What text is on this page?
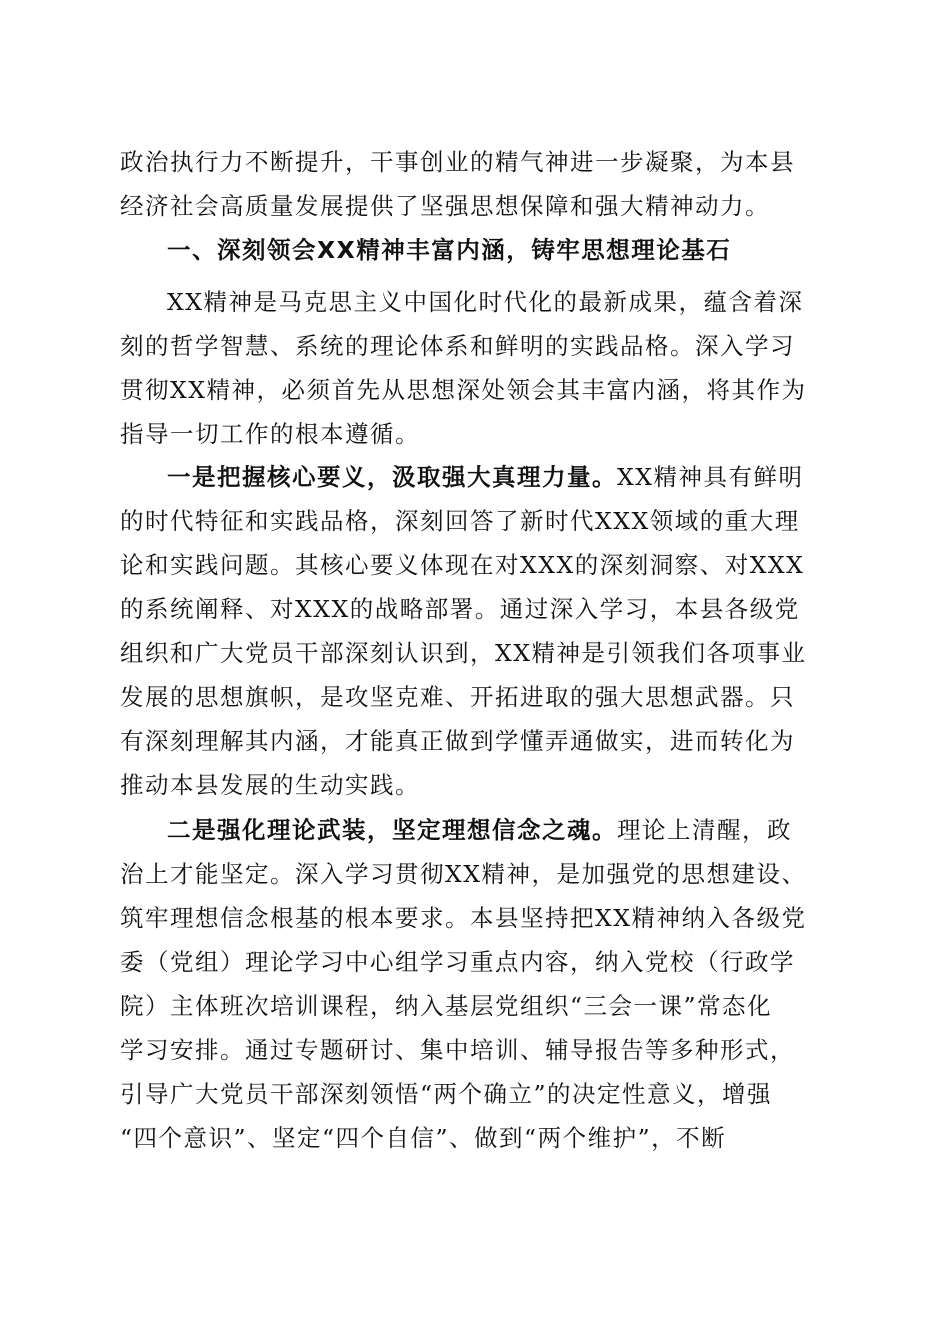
政治执行力不断提升，干事创业的精气神进一步凝聚，为本县
经济社会高质量发展提供了坚强思想保障和强大精神动力。
一、深刻领会XX精神丰富内涵，铸牢思想理论基石
XX精神是马克思主义中国化时代化的最新成果，蕴含着深
刻的哲学智慧、系统的理论体系和鲜明的实践品格。深入学习
贯彻XX精神，必须首先从思想深处领会其丰富内涵，将其作为
指导一切工作的根本遵循。
一是把握核心要义，汲取强大真理力量。XX精神具有鲜明
的时代特征和实践品格，深刻回答了新时代XXX领域的重大理
论和实践问题。其核心要义体现在对XXX的深刻洞察、对XXX
的系统阐释、对XXX的战略部署。通过深入学习，本县各级党
组织和广大党员干部深刻认识到，XX精神是引领我们各项事业
发展的思想旗帜，是攻坚克难、开拓进取的强大思想武器。只
有深刻理解其内涵，才能真正做到学懂弄通做实，进而转化为
推动本县发展的生动实践。
二是强化理论武装，坚定理想信念之魂。理论上清醒，政
治上才能坚定。深入学习贯彻XX精神，是加强党的思想建设、
筑牢理想信念根基的根本要求。本县坚持把XX精神纳入各级党
委（党组）理论学习中心组学习重点内容，纳入党校（行政学
院）主体班次培训课程，纳入基层党组织“三会一课”常态化
学习安排。通过专题研讨、集中培训、辅导报告等多种形式，
引导广大党员干部深刻领悟“两个确立”的决定性意义，增强
“四个意识”、坚定“四个自信”、做到“两个维护”，不断
